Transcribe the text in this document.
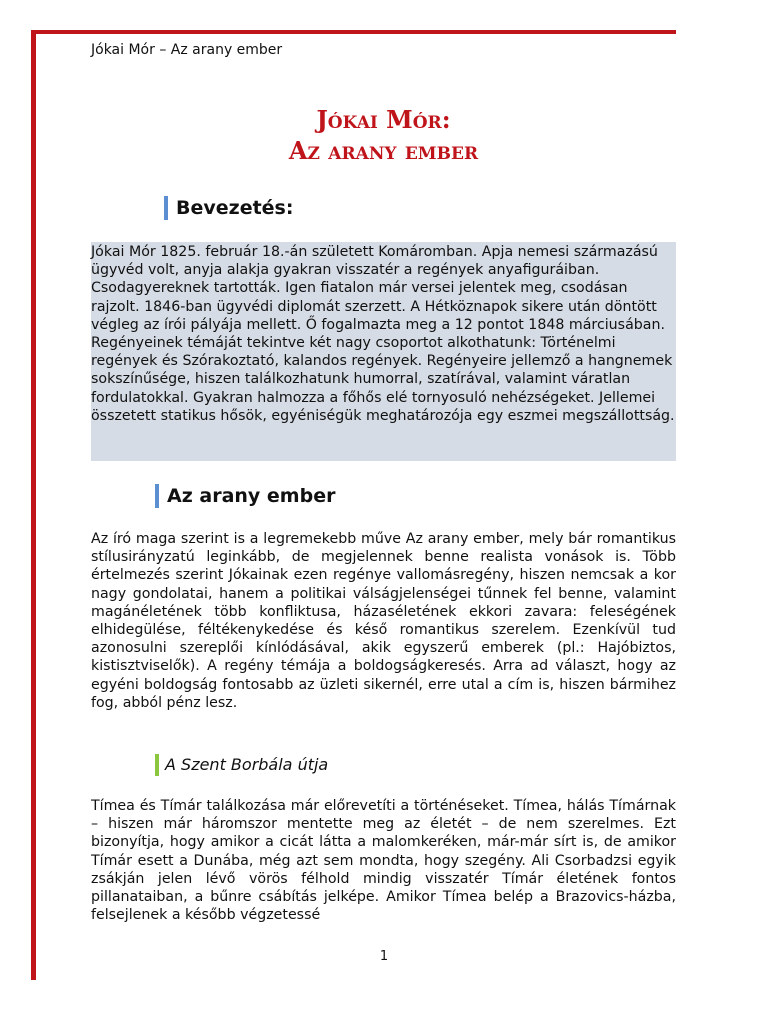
Jókai Mór – Az arany ember
Jókai Mór:
Az arany ember
Bevezetés:

Jókai Mór 1825. február 18.-án született Komáromban. Apja nemesi származású ügyvéd volt, anyja alakja gyakran visszatér a regények anyafiguráiban. Csodagyereknek tartották. Igen fiatalon már versei jelentek meg, csodásan rajzolt. 1846-ban ügyvédi diplomát szerzett. A Hétköznapok sikere után döntött végleg az írói pályája mellett. Ő fogalmazta meg a 12 pontot 1848 márciusában. Regényeinek témáját tekintve két nagy csoportot alkothatunk: Történelmi regények és Szórakoztató, kalandos regények. Regényeire jellemző a hangnemek sokszínűsége, hiszen találkozhatunk humorral, szatírával, valamint váratlan fordulatokkal. Gyakran halmozza a főhős elé tornyosuló nehézségeket. Jellemei összetett statikus hősök, egyéniségük meghatározója egy eszmei megszállottság.

Az arany ember

Az író maga szerint is a legremekebb műve Az arany ember, mely bár romantikus stílusirányzatú leginkább, de megjelennek benne realista vonások is. Több értelmezés szerint Jókainak ezen regénye vallomásregény, hiszen nemcsak a kor nagy gondolatai, hanem a politikai válságjelenségei tűnnek fel benne, valamint magánéletének több konfliktusa, házaséletének ekkori zavara: feleségének elhidegülése, féltékenykedése és késő romantikus szerelem. Ezenkívül tud azonosulni szereplői kínlódásával, akik egyszerű emberek (pl.: Hajóbiztos, kistisztviselők). A regény témája a boldogságkeresés. Arra ad választ, hogy az egyéni boldogság fontosabb az üzleti sikernél, erre utal a cím is, hiszen bármihez fog, abból pénz lesz.

A Szent Borbála útja

Tímea és Tímár találkozása már előrevetíti a történéseket. Tímea, hálás Tímárnak – hiszen már háromszor mentette meg az életét – de nem szerelmes. Ezt bizonyítja, hogy amikor a cicát látta a malomkeréken, már-már sírt is, de amikor Tímár esett a Dunába, még azt sem mondta, hogy szegény. Ali Csorbadzsi egyik zsákján jelen lévő vörös félhold mindig visszatér Tímár életének fontos pillanataiban, a bűnre csábítás jelképe. Amikor Tímea belép a Brazovics-házba, felsejlenek a később végzetessé

1
